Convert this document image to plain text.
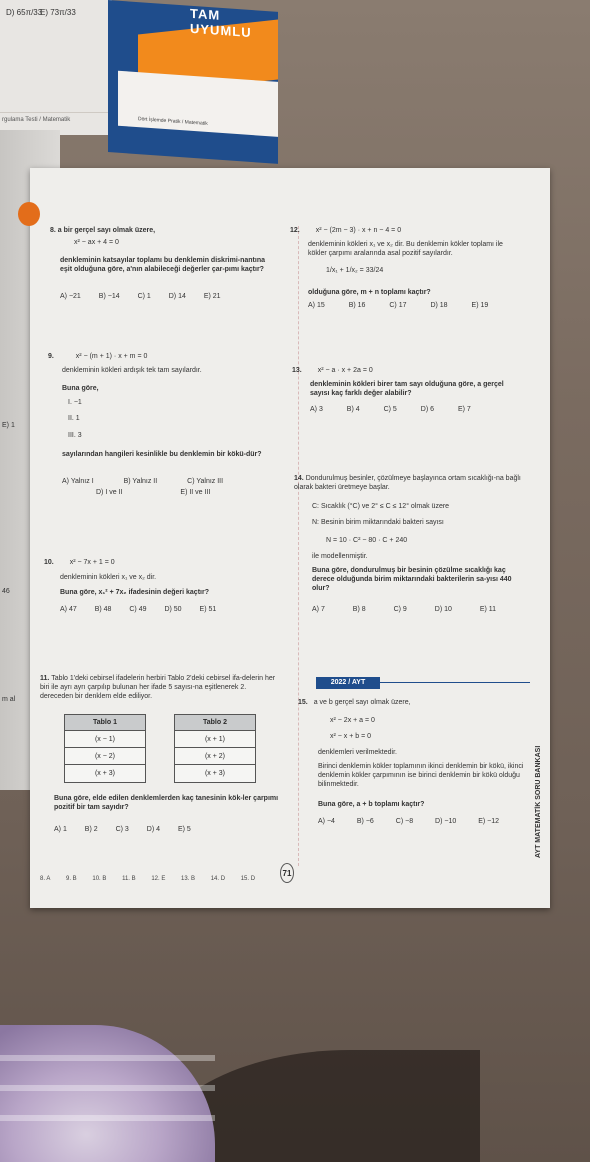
D) 65π/33
E) 73π/33
rgulama Testi / Matematik
TAM UYUMLU
Dört İşlemde Pratik / Matematik
E) 1
46
m al
8. a bir gerçel sayı olmak üzere,
x² − ax + 4 = 0
denkleminin katsayılar toplamı bu denklemin diskrimi-nantına eşit olduğuna göre, a'nın alabileceği değerler çar-pımı kaçtır?
A) −21	B) −14	C) 1	D) 14	E) 21
9.	x² − (m + 1) · x + m = 0
denkleminin kökleri ardışık tek tam sayılardır.
Buna göre,
I. −1
II. 1
III. 3
sayılarından hangileri kesinlikle bu denklemin bir kökü-dür?
A) Yalnız I	B) Yalnız II	C) Yalnız III
D) I ve II	E) II ve III
10. x² − 7x + 1 = 0
denkleminin kökleri x₁ ve x₂ dir.
Buna göre, x₁² + 7x₂ ifadesinin değeri kaçtır?
A) 47	B) 48	C) 49	D) 50	E) 51
11. Tablo 1'deki cebirsel ifadelerin herbiri Tablo 2'deki cebirsel ifa-delerin her biri ile ayrı ayrı çarpılıp bulunan her ifade 5 sayısı-na eşitlenerek 2. dereceden bir denklem elde ediliyor.
Tablo 1
(x − 1)
(x − 2)
(x + 3)
Tablo 2
(x + 1)
(x + 2)
(x + 3)
Buna göre, elde edilen denklemlerden kaç tanesinin kök-ler çarpımı pozitif bir tam sayıdır?
A) 1	B) 2	C) 3	D) 4	E) 5
12. x² − (2m − 3) · x + n − 4 = 0
denkleminin kökleri x₁ ve x₂ dir. Bu denklemin kökler toplamı ile kökler çarpımı aralarında asal pozitif sayılardır.
1/x₁ + 1/x₂ = 33/24
olduğuna göre, m + n toplamı kaçtır?
A) 15	B) 16	C) 17	D) 18	E) 19
13. x² − a · x + 2a = 0
denkleminin kökleri birer tam sayı olduğuna göre, a gerçel sayısı kaç farklı değer alabilir?
A) 3	B) 4	C) 5	D) 6	E) 7
14. Dondurulmuş besinler, çözülmeye başlayınca ortam sıcaklığı-na bağlı olarak bakteri üretmeye başlar.
C: Sıcaklık (°C) ve 2° ≤ C ≤ 12° olmak üzere
N: Besinin birim miktarındaki bakteri sayısı
N = 10 · C² − 80 · C + 240
ile modellenmiştir.
Buna göre, dondurulmuş bir besinin çözülme sıcaklığı kaç derece olduğunda birim miktarındaki bakterilerin sa-yısı 440 olur?
A) 7	B) 8	C) 9	D) 10	E) 11
2022 / AYT
15. a ve b gerçel sayı olmak üzere,
x² − 2x + a = 0
x² − x + b = 0
denklemleri verilmektedir.
Birinci denklemin kökler toplamının ikinci denklemin bir kökü, ikinci denklemin kökler çarpımının ise birinci denklemin bir kökü olduğu bilinmektedir.
Buna göre, a + b toplamı kaçtır?
A) −4	B) −6	C) −8	D) −10	E) −12	AYT MATEMATİK SORU BANKASI
71
8. A	9. B	10. B	11. B	12. E	13. B	14. D	15. D
